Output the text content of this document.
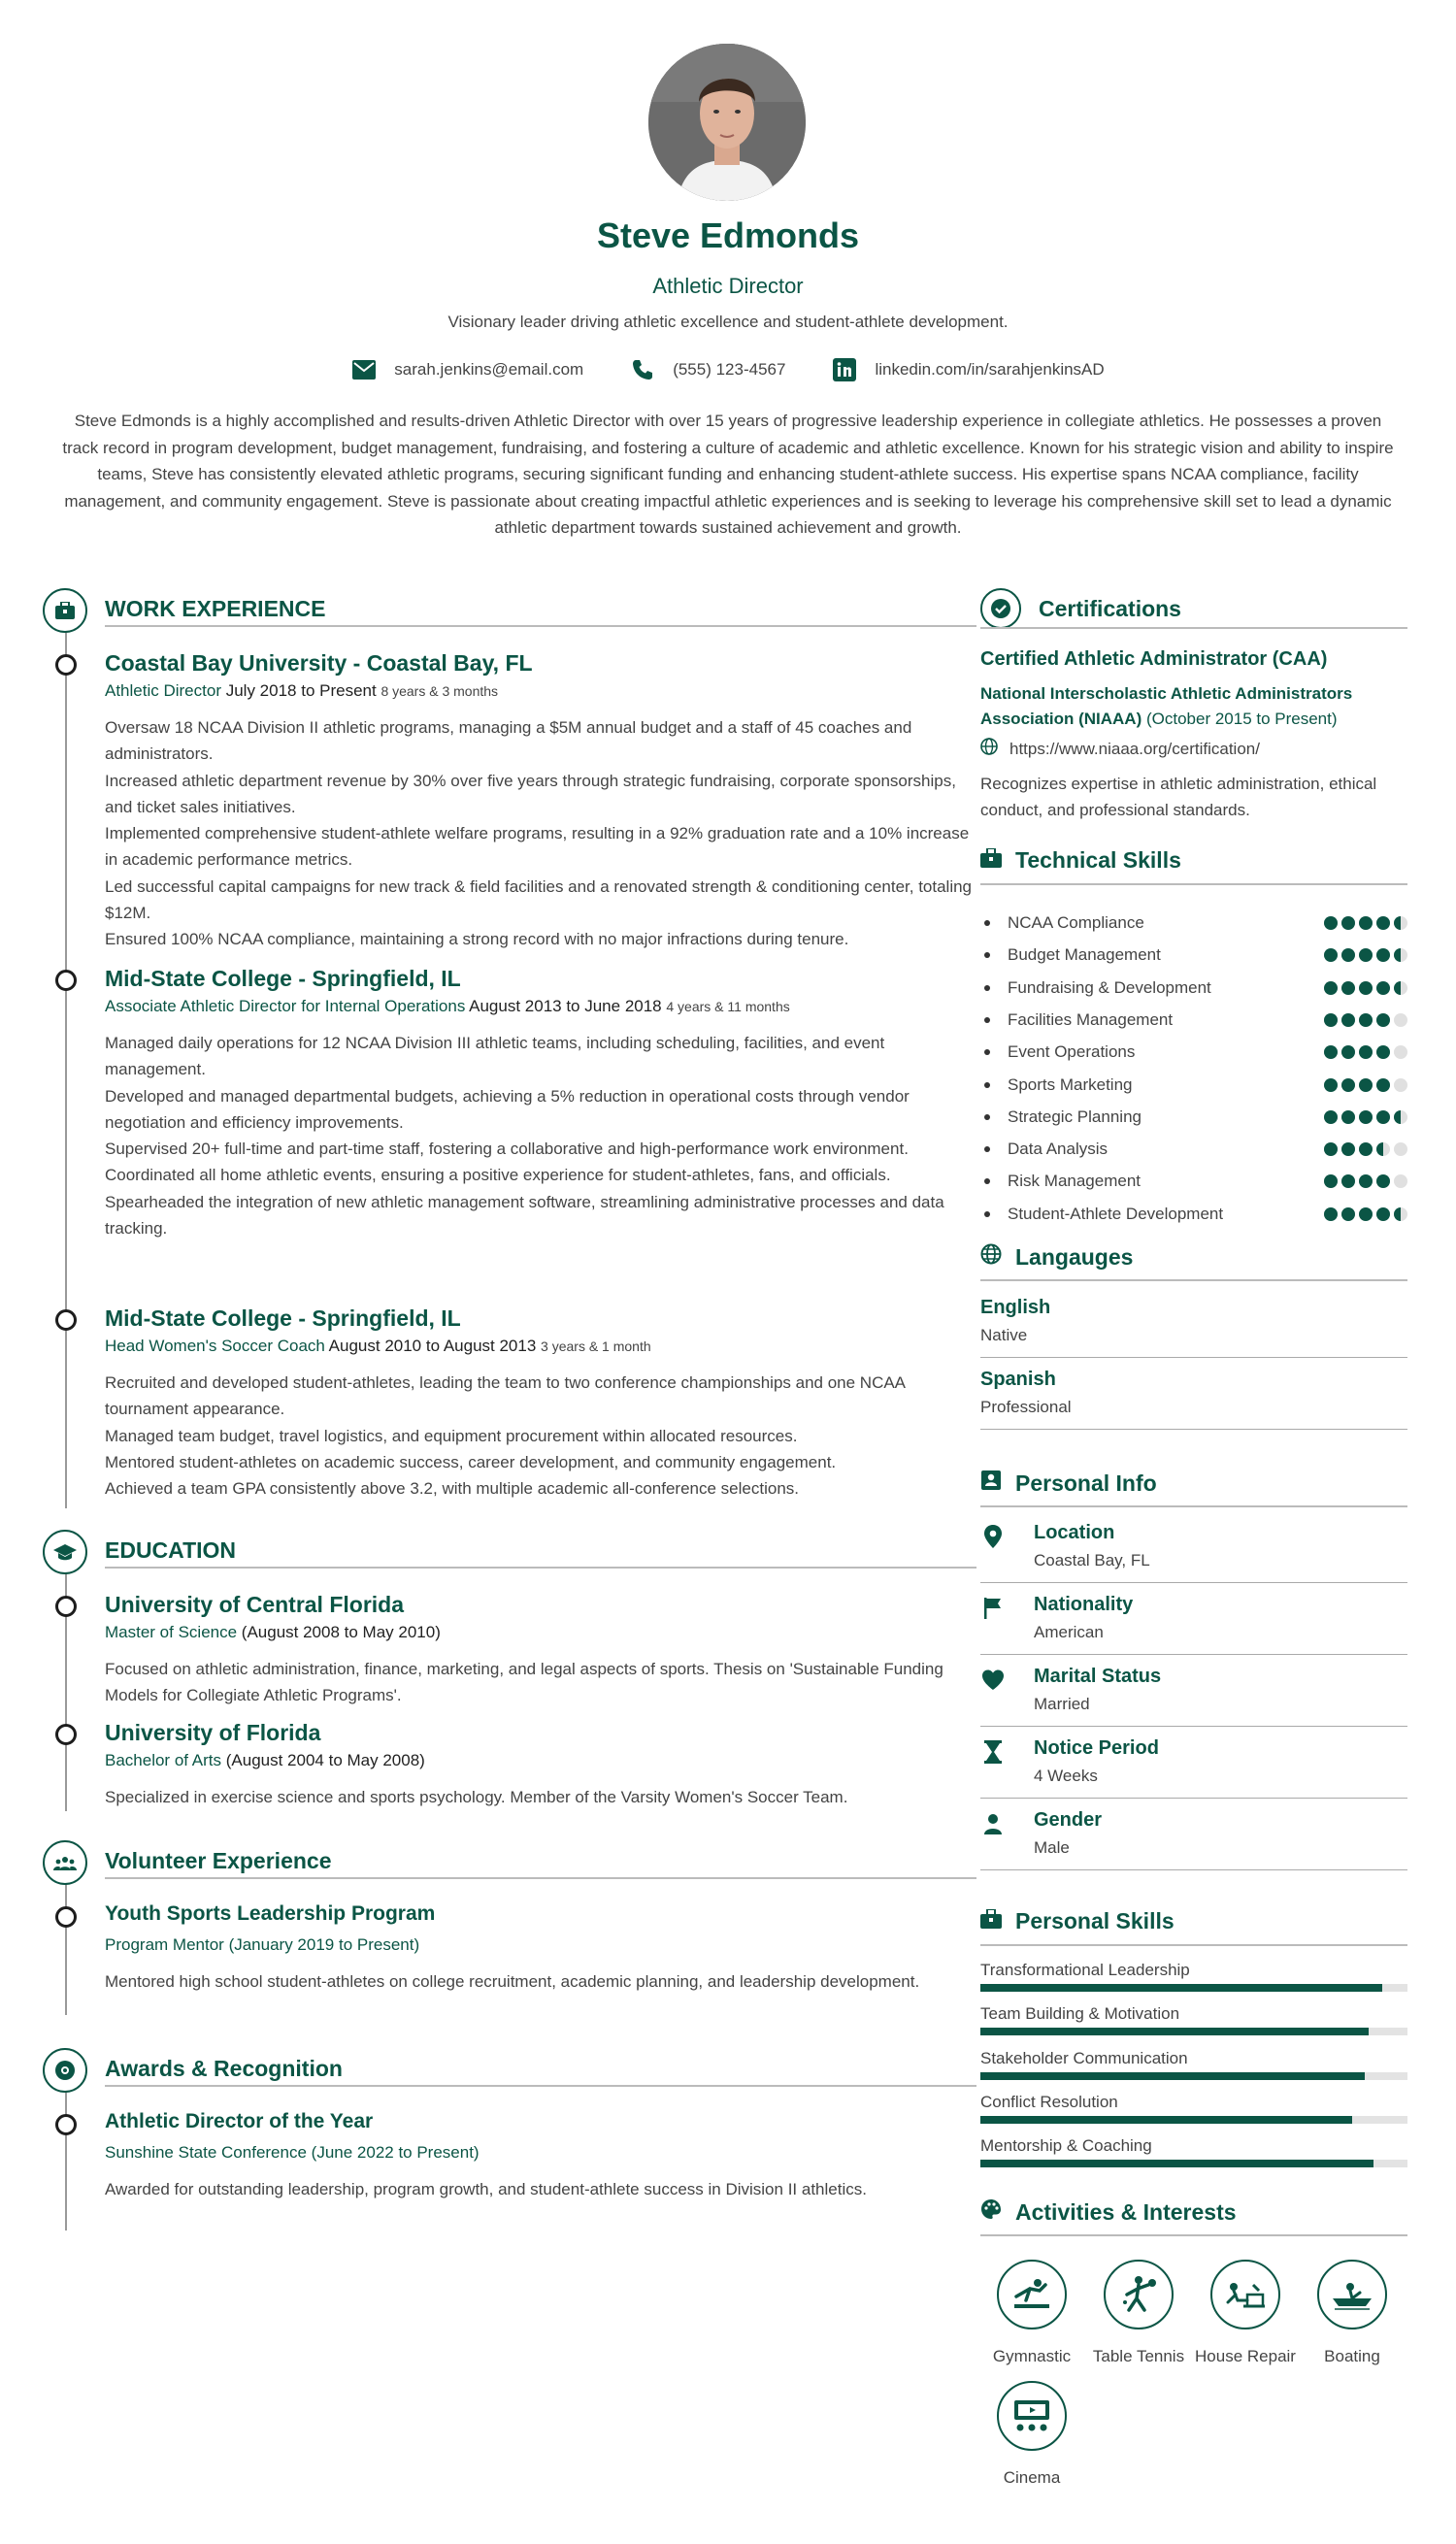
Steve Edmonds
Athletic Director
Visionary leader driving athletic excellence and student-athlete development.
sarah.jenkins@email.com	(555) 123-4567	linkedin.com/in/sarahjenkinsAD
Steve Edmonds is a highly accomplished and results-driven Athletic Director with over 15 years of progressive leadership experience in collegiate athletics. He possesses a proven track record in program development, budget management, fundraising, and fostering a culture of academic and athletic excellence. Known for his strategic vision and ability to inspire teams, Steve has consistently elevated athletic programs, securing significant funding and enhancing student-athlete success. His expertise spans NCAA compliance, facility management, and community engagement. Steve is passionate about creating impactful athletic experiences and is seeking to leverage his comprehensive skill set to lead a dynamic athletic department towards sustained achievement and growth.
WORK EXPERIENCE
Coastal Bay University - Coastal Bay, FL
Athletic Director July 2018 to Present 8 years & 3 months
Oversaw 18 NCAA Division II athletic programs, managing a $5M annual budget and a staff of 45 coaches and administrators.
Increased athletic department revenue by 30% over five years through strategic fundraising, corporate sponsorships, and ticket sales initiatives.
Implemented comprehensive student-athlete welfare programs, resulting in a 92% graduation rate and a 10% increase in academic performance metrics.
Led successful capital campaigns for new track & field facilities and a renovated strength & conditioning center, totaling $12M.
Ensured 100% NCAA compliance, maintaining a strong record with no major infractions during tenure.
Mid-State College - Springfield, IL
Associate Athletic Director for Internal Operations August 2013 to June 2018 4 years & 11 months
Managed daily operations for 12 NCAA Division III athletic teams, including scheduling, facilities, and event management.
Developed and managed departmental budgets, achieving a 5% reduction in operational costs through vendor negotiation and efficiency improvements.
Supervised 20+ full-time and part-time staff, fostering a collaborative and high-performance work environment.
Coordinated all home athletic events, ensuring a positive experience for student-athletes, fans, and officials.
Spearheaded the integration of new athletic management software, streamlining administrative processes and data tracking.
Mid-State College - Springfield, IL
Head Women's Soccer Coach August 2010 to August 2013 3 years & 1 month
Recruited and developed student-athletes, leading the team to two conference championships and one NCAA tournament appearance.
Managed team budget, travel logistics, and equipment procurement within allocated resources.
Mentored student-athletes on academic success, career development, and community engagement.
Achieved a team GPA consistently above 3.2, with multiple academic all-conference selections.
EDUCATION
University of Central Florida
Master of Science (August 2008 to May 2010)
Focused on athletic administration, finance, marketing, and legal aspects of sports. Thesis on 'Sustainable Funding Models for Collegiate Athletic Programs'.
University of Florida
Bachelor of Arts (August 2004 to May 2008)
Specialized in exercise science and sports psychology. Member of the Varsity Women's Soccer Team.
Volunteer Experience
Youth Sports Leadership Program
Program Mentor (January 2019 to Present)
Mentored high school student-athletes on college recruitment, academic planning, and leadership development.
Awards & Recognition
Athletic Director of the Year
Sunshine State Conference (June 2022 to Present)
Awarded for outstanding leadership, program growth, and student-athlete success in Division II athletics.
Certifications
Certified Athletic Administrator (CAA)
National Interscholastic Athletic Administrators Association (NIAAA) (October 2015 to Present)
https://www.niaaa.org/certification/
Recognizes expertise in athletic administration, ethical conduct, and professional standards.
Technical Skills
NCAA Compliance
Budget Management
Fundraising & Development
Facilities Management
Event Operations
Sports Marketing
Strategic Planning
Data Analysis
Risk Management
Student-Athlete Development
Langauges
English
Native
Spanish
Professional
Personal Info
Location
Coastal Bay, FL
Nationality
American
Marital Status
Married
Notice Period
4 Weeks
Gender
Male
Personal Skills
Transformational Leadership
Team Building & Motivation
Stakeholder Communication
Conflict Resolution
Mentorship & Coaching
Activities & Interests
Gymnastic	Table Tennis House Repair	Boating
Cinema
